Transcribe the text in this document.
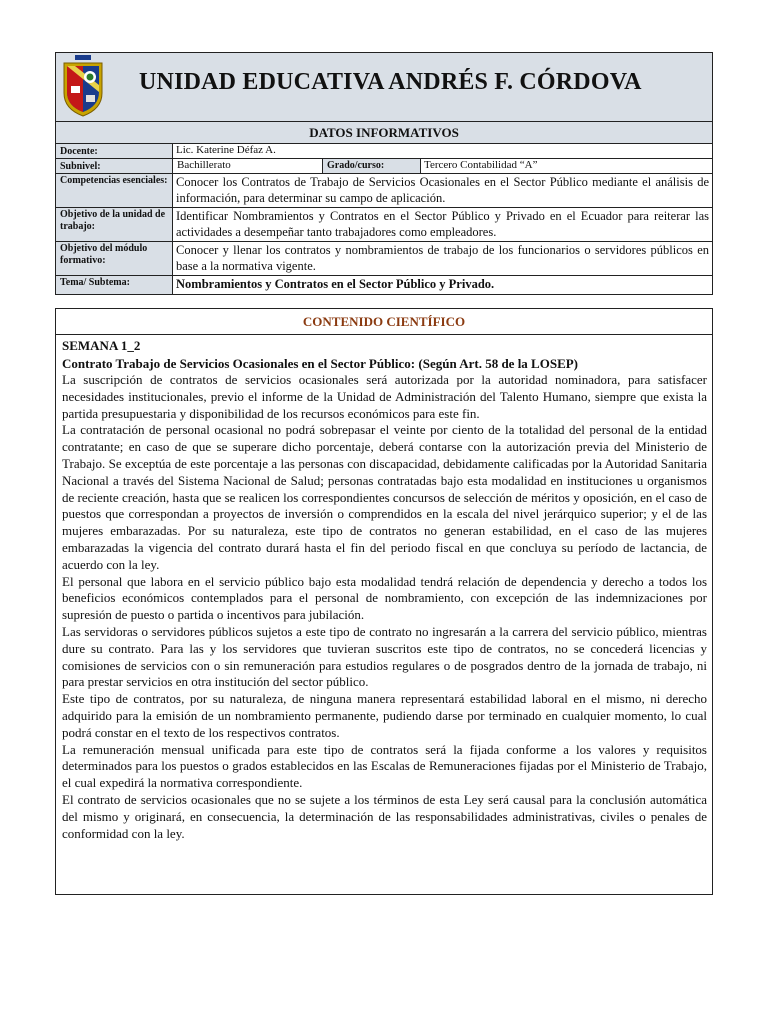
UNIDAD EDUCATIVA ANDRÉS F. CÓRDOVA
DATOS INFORMATIVOS
Docente:	Lic. Katerine Défaz A.
Subnivel:	Bachillerato	Grado/curso:	Tercero Contabilidad “A”
Competencias esenciales: Conocer los Contratos de Trabajo de Servicios Ocasionales en el Sector Público mediante el análisis de información, para determinar su campo de aplicación.
Objetivo de la unidad de trabajo:
Identificar Nombramientos y Contratos en el Sector Público y Privado en el Ecuador para reiterar las actividades a desempeñar tanto trabajadores como empleadores.
Objetivo del módulo formativo:
Conocer y llenar los contratos y nombramientos de trabajo de los funcionarios o servidores públicos en base a la normativa vigente.
Tema/ Subtema:	Nombramientos y Contratos en el Sector Público y Privado.
CONTENIDO CIENTÍFICO
SEMANA 1_2
Contrato Trabajo de Servicios Ocasionales en el Sector Público: (Según Art. 58 de la LOSEP)

La suscripción de contratos de servicios ocasionales será autorizada por la autoridad nominadora, para satisfacer necesidades institucionales, previo el informe de la Unidad de Administración del Talento Humano, siempre que exista la partida presupuestaria y disponibilidad de los recursos económicos para este fin.

La contratación de personal ocasional no podrá sobrepasar el veinte por ciento de la totalidad del personal de la entidad contratante; en caso de que se superare dicho porcentaje, deberá contarse con la autorización previa del Ministerio de Trabajo. Se exceptúa de este porcentaje a las personas con discapacidad, debidamente calificadas por la Autoridad Sanitaria Nacional a través del Sistema Nacional de Salud; personas contratadas bajo esta modalidad en instituciones u organismos de reciente creación, hasta que se realicen los correspondientes concursos de selección de méritos y oposición, en el caso de puestos que correspondan a proyectos de inversión o comprendidos en la escala del nivel jerárquico superior; y el de las mujeres embarazadas. Por su naturaleza, este tipo de contratos no generan estabilidad, en el caso de las mujeres embarazadas la vigencia del contrato durará hasta el fin del periodo fiscal en que concluya su período de lactancia, de acuerdo con la ley.

El personal que labora en el servicio público bajo esta modalidad tendrá relación de dependencia y derecho a todos los beneficios económicos contemplados para el personal de nombramiento, con excepción de las indemnizaciones por supresión de puesto o partida o incentivos para jubilación.

Las servidoras o servidores públicos sujetos a este tipo de contrato no ingresarán a la carrera del servicio público, mientras dure su contrato. Para las y los servidores que tuvieran suscritos este tipo de contratos, no se concederá licencias y comisiones de servicios con o sin remuneración para estudios regulares o de posgrados dentro de la jornada de trabajo, ni para prestar servicios en otra institución del sector público.

Este tipo de contratos, por su naturaleza, de ninguna manera representará estabilidad laboral en el mismo, ni derecho adquirido para la emisión de un nombramiento permanente, pudiendo darse por terminado en cualquier momento, lo cual podrá constar en el texto de los respectivos contratos.

La remuneración mensual unificada para este tipo de contratos será la fijada conforme a los valores y requisitos determinados para los puestos o grados establecidos en las Escalas de Remuneraciones fijadas por el Ministerio de Trabajo, el cual expedirá la normativa correspondiente.

El contrato de servicios ocasionales que no se sujete a los términos de esta Ley será causal para la conclusión automática del mismo y originará, en consecuencia, la determinación de las responsabilidades administrativas, civiles o penales de conformidad con la ley.
